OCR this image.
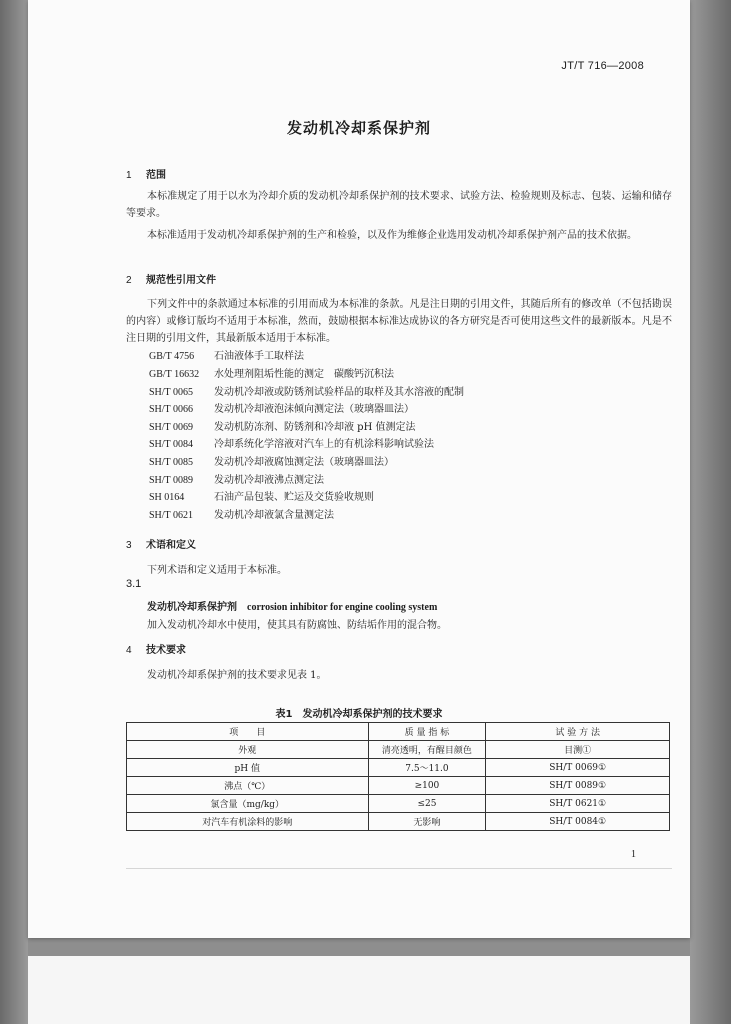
JT/T 716—2008
发动机冷却系保护剂
1 范围
本标准规定了用于以水为冷却介质的发动机冷却系保护剂的技术要求、试验方法、检验规则及标志、包装、运输和储存等要求。
本标准适用于发动机冷却系保护剂的生产和检验，以及作为维修企业选用发动机冷却系保护剂产品的技术依据。
2 规范性引用文件
下列文件中的条款通过本标准的引用而成为本标准的条款。凡是注日期的引用文件，其随后所有的修改单（不包括勘误的内容）或修订版均不适用于本标准，然而，鼓励根据本标准达成协议的各方研究是否可使用这些文件的最新版本。凡是不注日期的引用文件，其最新版本适用于本标准。
GB/T 4756 石油液体手工取样法
GB/T 16632 水处理剂阻垢性能的测定　碳酸钙沉积法
SH/T 0065 发动机冷却液或防锈剂试验样品的取样及其水溶液的配制
SH/T 0066 发动机冷却液泡沫倾向测定法（玻璃器皿法）
SH/T 0069 发动机防冻剂、防锈剂和冷却液 pH 值测定法
SH/T 0084 冷却系统化学溶液对汽车上的有机涂料影响试验法
SH/T 0085 发动机冷却液腐蚀测定法（玻璃器皿法）
SH/T 0089 发动机冷却液沸点测定法
SH 0164	石油产品包装、贮运及交货验收规则
SH/T 0621 发动机冷却液氯含量测定法
3 术语和定义
下列术语和定义适用于本标准。
3.1
发动机冷却系保护剂 corrosion inhibitor for engine cooling system
加入发动机冷却水中使用，使其具有防腐蚀、防结垢作用的混合物。
4 技术要求
发动机冷却系保护剂的技术要求见表 1。
表1　发动机冷却系保护剂的技术要求
项　　目	质 量 指 标	试 验 方 法
外观	清亮透明，有醒目颜色	目测①
pH 值	7.5～11.0	SH/T 0069①
沸点（℃）	≥100	SH/T 0089①
氯含量（mg/kg）	≤25	SH/T 0621①
对汽车有机涂料的影响	无影响	SH/T 0084①
1
